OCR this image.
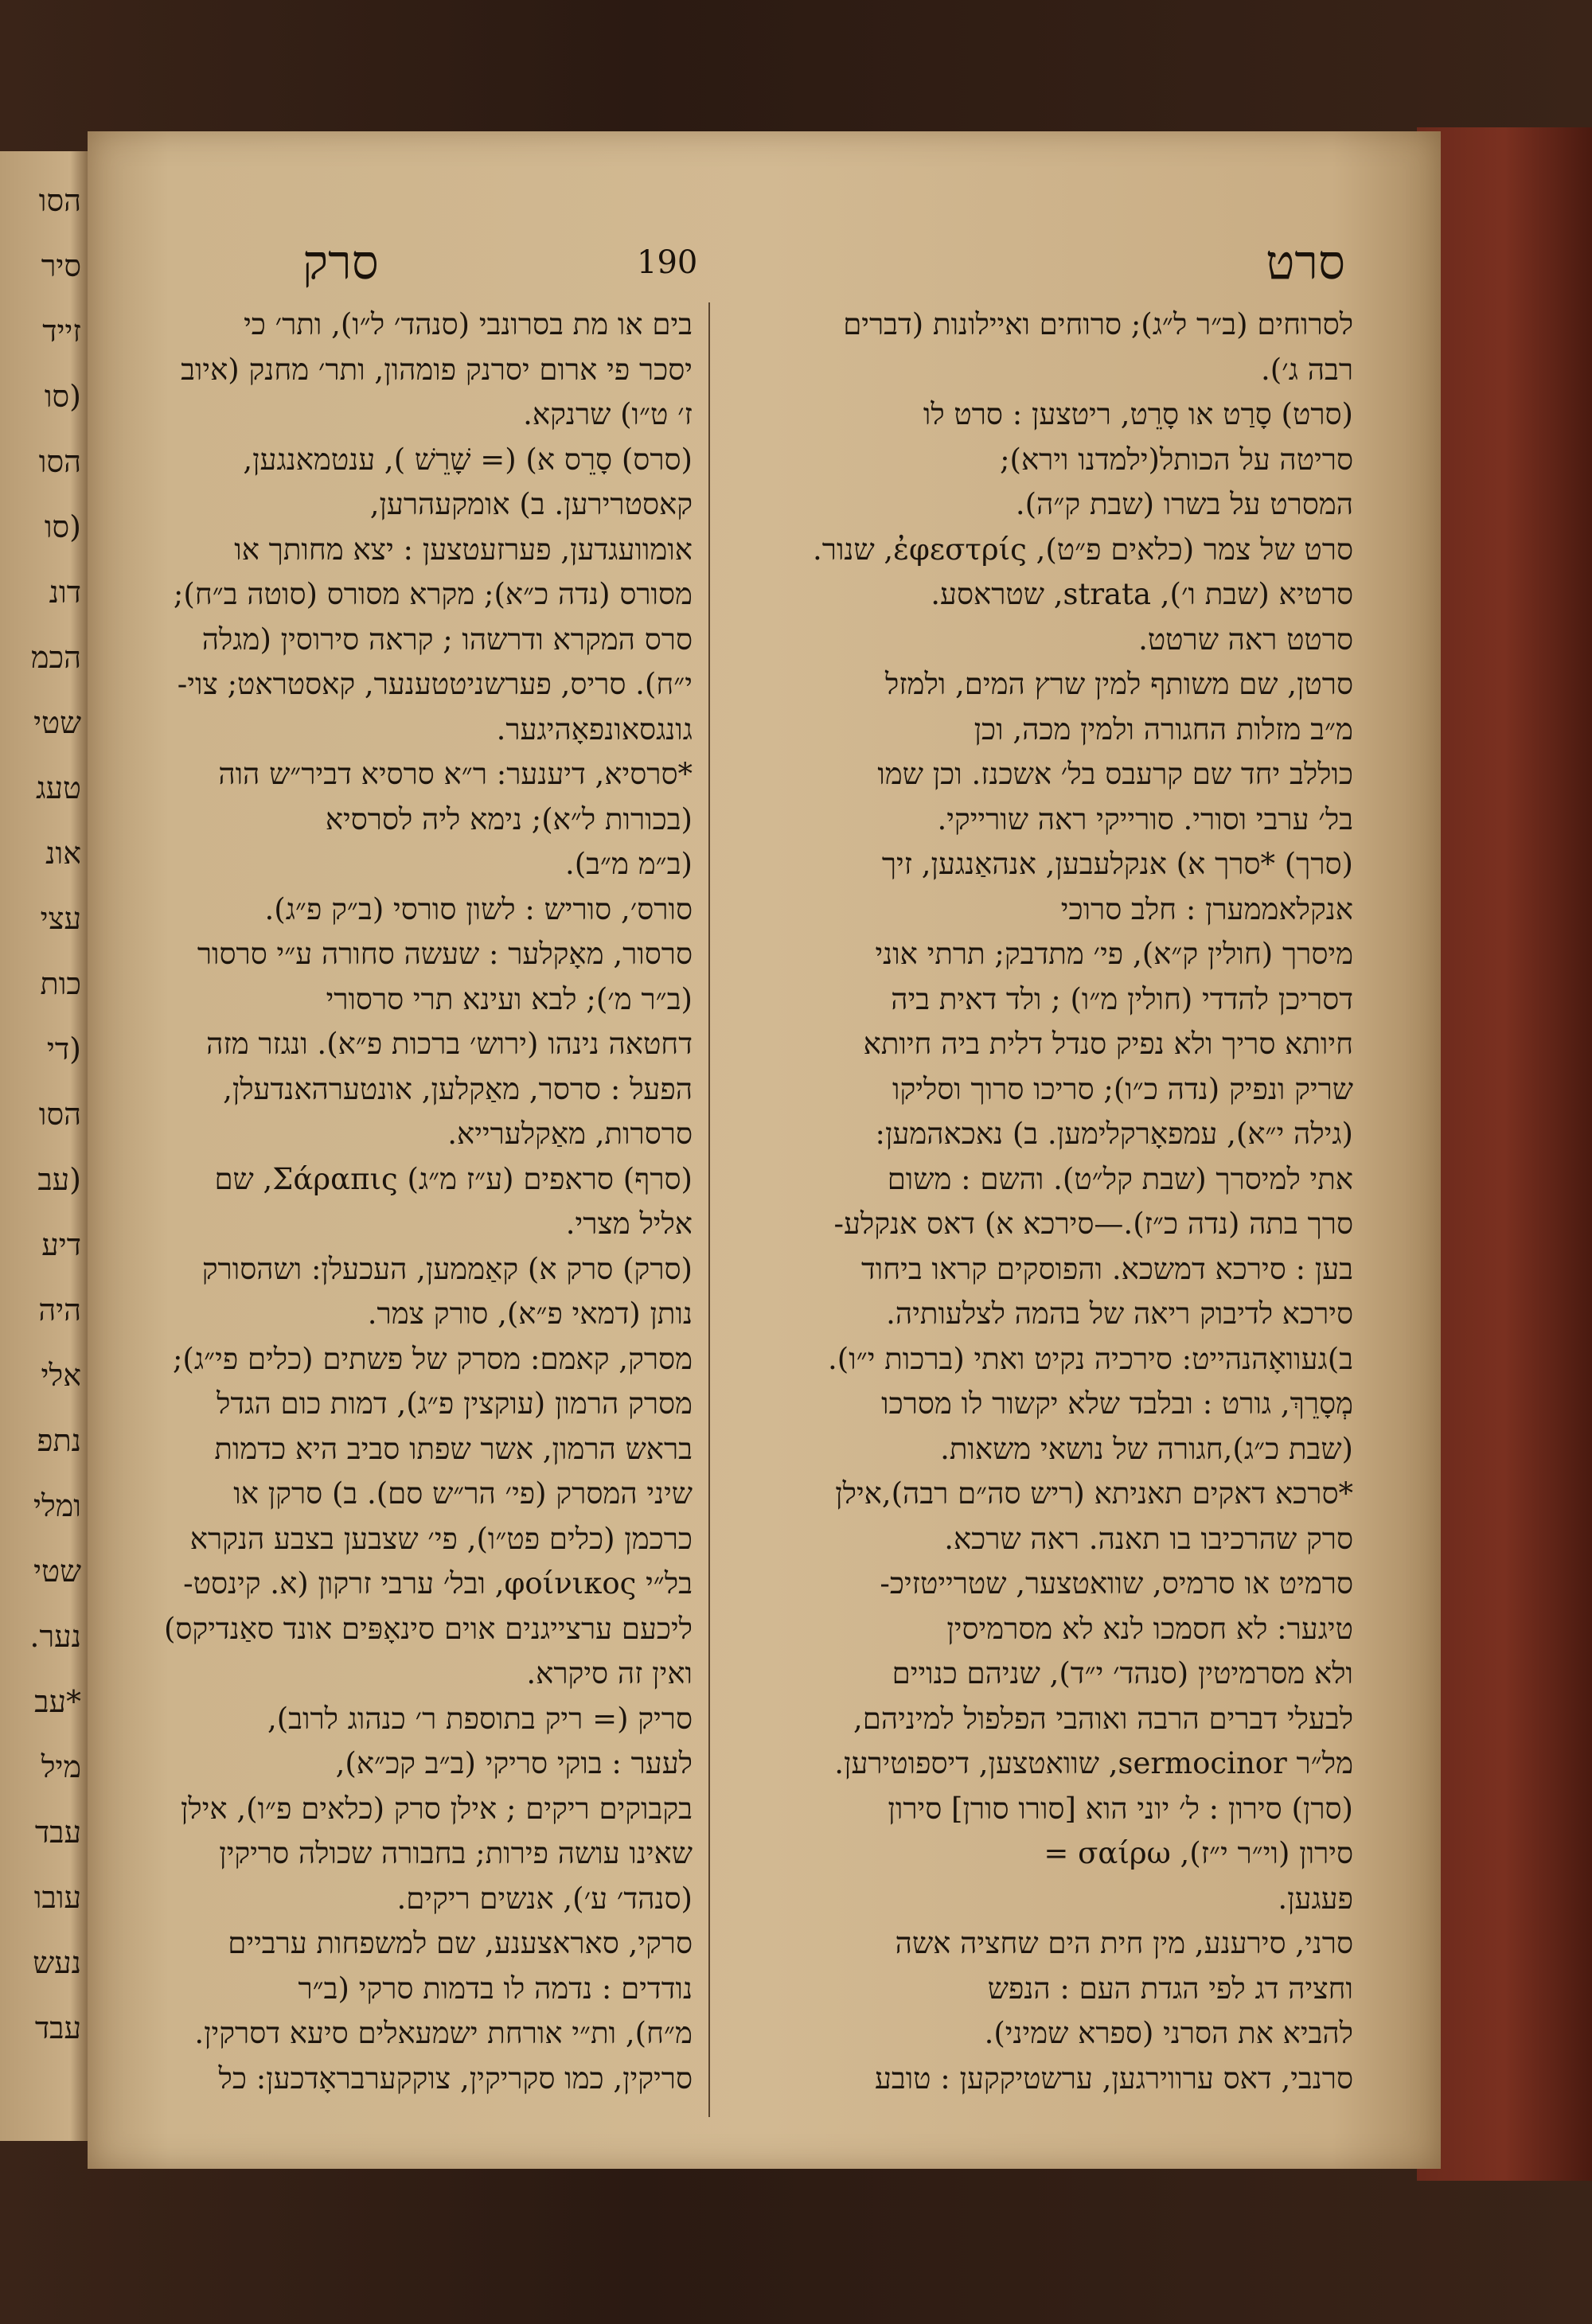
הסו
סיר
זייד
(סו
הסו
(סו
דונ
הכמ
שטי
טעג
אונ
עצי
כות
(די
הסו
(עב
דיע
היה
אלי
נתפ
ומלי
שטי
נער.
*עב
מיל
עבד
עובו
נעש
עבד
סרט
190
סרק
לסרוחים (ב״ר ל״ג); סרוחים ואיילונות (דברים
רבה ג׳).
(סרט) סָרַט או סָרֵט, ריטצען : סרט לו
סריטה על הכותל(ילמדנו וירא);
המסרט על בשרו (שבת ק״ה).
סרט של צמר (כלאים פ״ט), ἐφεστρίς, שנור.
סרטיא (שבת ו׳), strata, שטראסע.
סרטט ראה שרטט.
סרטן, שם משותף למין שרץ המים, ולמזל
מ״ב מזלות החגורה ולמין מכה, וכן
כוללב יחד שם קרעבס בל׳ אשכנז. וכן שמו
בל׳ ערבי וסורי. סורייקי ראה שורייקי.
(סרך) *סרך א) אנקלעבען, אנהאַנגען, זיך
אנקלאממערן : חלב סרוכי
מיסרך (חולין ק״א), פי׳ מתדבק; תרתי אוני
דסריכן להדדי (חולין מ״ו) ; ולד דאית ביה
חיותא סריך ולא נפיק סנדל דלית ביה חיותא
שריק ונפיק (נדה כ״ו); סריכו סרוך וסליקו
(גילה י״א), עמפאָרקלימען. ב) נאכאהמען:
אתי למיסרך (שבת קל״ט). והשם : משום
סרך בתה (נדה כ״ז).—סירכא א) דאס אנקלע-
בען : סירכא דמשכא. והפוסקים קראו ביחוד
סירכא לדיבוק ריאה של בהמה לצלעותיה.
ב)געוואָהנהייט: סירכיה נקיט ואתי (ברכות י״ו).
מְסָרֵךְ, גורט : ובלבד שלא יקשור לו מסרכו
(שבת כ״ג),חגורה של נושאי משאות.
*סרכא דאקים תאניתא (ריש סה״ם רבה),אילן
סרק שהרכיבו בו תאנה. ראה שרכא.
סרמיט או סרמיס, שוואטצער, שטרייטזיכ-
טיגער: לא חסמכו לנא לא מסרמיסין
ולא מסרמיטין (סנהד׳ י״ד), שניהם כנויים
לבעלי דברים הרבה ואוהבי הפלפול למיניהם,
מל״ר sermocinor, שוואטצען, דיספוטירען.
(סרן) סירון : ל׳ יוני הוא [סורו סורן] סירון
סירון (וי״ר י״ז), σαίρω =
פעגען.
סרני, סירענע, מין חית הים שחציה אשה
וחציה דג לפי הגדת העם : הנפש
להביא את הסרני (ספרא שמיני).
סרנבי, דאס ערווירגען, ערשטיקקען : טובע
בים או מת בסרונבי (סנהד׳ ל״ו), ותר׳ כי
יסכר פי ארום יסרנק פומהון, ותר׳ מחנק (איוב
ז׳ ט״ו) שרנקא.
(סרס) סָרֵס א) (= שָׁרֵשׁ ), ענטמאנגען,
קאסטרירען. ב) אומקעהרען,
אומוועגדען, פערזעטצען : יצא מחותך או
מסורס (נדה כ״א); מקרא מסורס (סוטה ב״ח);
סרס המקרא ודרשהו ; קראה סירוסין (מגלה
י״ח). סריס, פערשניטטענער, קאסטראט; צוי-
גונגסאונפאָהיגער.
*סרסיא, דיענער: ר״א סרסיא דביר״ש הוה
(בכורות ל״א); נימא ליה לסרסיא
(ב״מ מ״ב).
סורס׳, סוריש : לשון סורסי (ב״ק פ״ג).
סרסור, מאָקלער : שעשה סחורה ע״י סרסור
(ב״ר מ׳); לבא ועינא תרי סרסורי
דחטאה נינהו (ירוש׳ ברכות פ״א). ונגזר מזה
הפעל : סרסר, מאַקלען, אונטערהאנדעלן,
סרסרות, מאַקלערייא.
(סרף) סראפים (ע״ז מ״ג) Σάραπις, שם
אליל מצרי.
(סרק) סרק א) קאַממען, העכעלן: ושהסורק
נותן (דמאי פ״א), סורק צמר.
מסרק, קאמם: מסרק של פשתים (כלים פי״ג);
מסרק הרמון (עוקצין פ״ג), דמות כום הגדל
בראש הרמון, אשר שפתו סביב היא כדמות
שיני המסרק (פי׳ הר״ש סם). ב) סרקן או
כרכמן (כלים פט״ו), פי׳ שצבען בצבע הנקרא
בל״י φοίνικος, ובל׳ ערבי זרקון (א. קינסט-
ליכעם ערצייגנים אוים סינאָפּים אונד סאַנדיקס)
ואין זה סיקרא.
סריק (= ריק בתוספת ר׳ כנהוג לרוב),
לעער : בוקי סריקי (ב״ב קכ״א),
בקבוקים ריקים ; אילן סרק (כלאים פ״ו), אילן
שאינו עושה פירות; בחבורה שכולה סריקין
(סנהד׳ ע׳), אנשים ריקים.
סרקי, סאראצענע, שם למשפחות ערביים
נודדים : נדמה לו בדמות סרקי (ב״ר
מ״ח), ות״י אורחת ישמעאלים סיעא דסרקין.
סריקין, כמו סקריקין, צוקקערבראָדכען: כל
